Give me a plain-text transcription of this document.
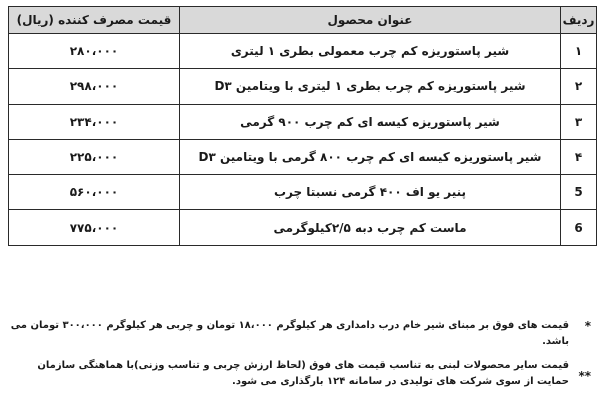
ردیف	عنوان محصول	قیمت مصرف کننده (ریال)
۱	شیر پاستوریزه کم چرب معمولی بطری ۱ لیتری	۲۸۰،۰۰۰
۲	شیر پاستوریزه کم چرب بطری ۱ لیتری با ویتامین D۳	۲۹۸،۰۰۰
۳	شیر پاستوریزه کیسه ای کم چرب ۹۰۰ گرمی	۲۳۴،۰۰۰
۴	شیر پاستوریزه کیسه ای کم چرب ۸۰۰ گرمی با ویتامین D۳	۲۲۵،۰۰۰
5	پنیر یو اف ۴۰۰ گرمی نسبتا چرب	۵۶۰،۰۰۰
6	ماست کم چرب دبه ۲/۵کیلوگرمی	۷۷۵،۰۰۰
*
قیمت های فوق بر مبنای شیر خام درب دامداری هر کیلوگرم ۱۸،۰۰۰ تومان و چربی هر کیلوگرم ۳۰۰،۰۰۰ تومان می باشد.
**
قیمت سایر محصولات لبنی به تناسب قیمت های فوق (لحاظ ارزش چربی و تناسب وزنی)با هماهنگی سازمان حمایت از سوی شرکت های تولیدی در سامانه ۱۲۴ بارگذاری می شود.
